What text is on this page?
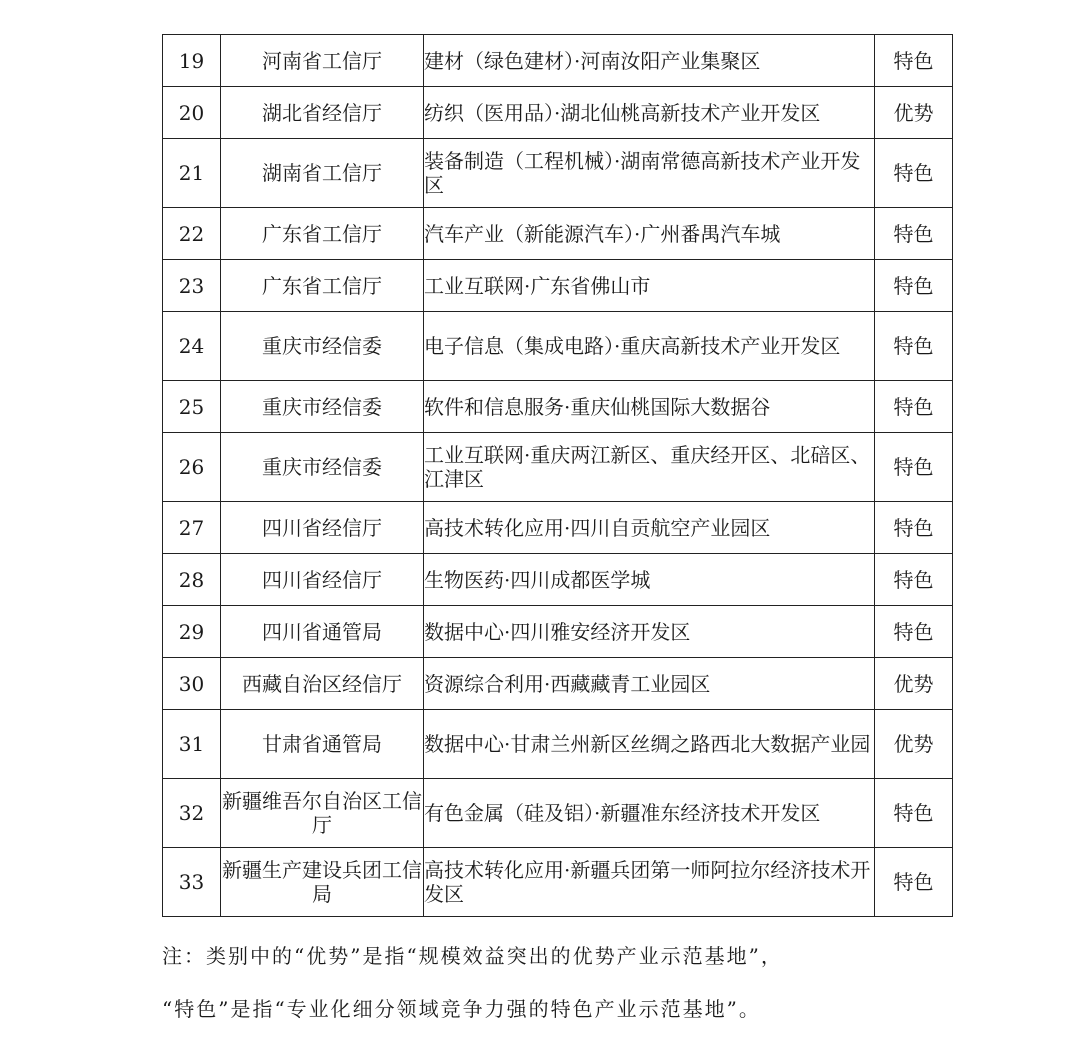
19	河南省工信厅	建材（绿色建材）·河南汝阳产业集聚区	特色
20	湖北省经信厅	纺织（医用品）·湖北仙桃高新技术产业开发区	优势
21	湖南省工信厅	装备制造（工程机械）·湖南常德高新技术产业开发区	特色
22	广东省工信厅	汽车产业（新能源汽车）·广州番禺汽车城	特色
23	广东省工信厅	工业互联网·广东省佛山市	特色
24	重庆市经信委	电子信息（集成电路）·重庆高新技术产业开发区	特色
25	重庆市经信委	软件和信息服务·重庆仙桃国际大数据谷	特色
26	重庆市经信委	工业互联网·重庆两江新区、重庆经开区、北碚区、江津区	特色
27	四川省经信厅	高技术转化应用·四川自贡航空产业园区	特色
28	四川省经信厅	生物医药·四川成都医学城	特色
29	四川省通管局	数据中心·四川雅安经济开发区	特色
30	西藏自治区经信厅	资源综合利用·西藏藏青工业园区	优势
31	甘肃省通管局	数据中心·甘肃兰州新区丝绸之路西北大数据产业园	优势
32	新疆维吾尔自治区工信厅	有色金属（硅及铝）·新疆准东经济技术开发区	特色
33	新疆生产建设兵团工信局	高技术转化应用·新疆兵团第一师阿拉尔经济技术开发区	特色
注：类别中的“优势”是指“规模效益突出的优势产业示范基地”，
“特色”是指“专业化细分领域竞争力强的特色产业示范基地”。
